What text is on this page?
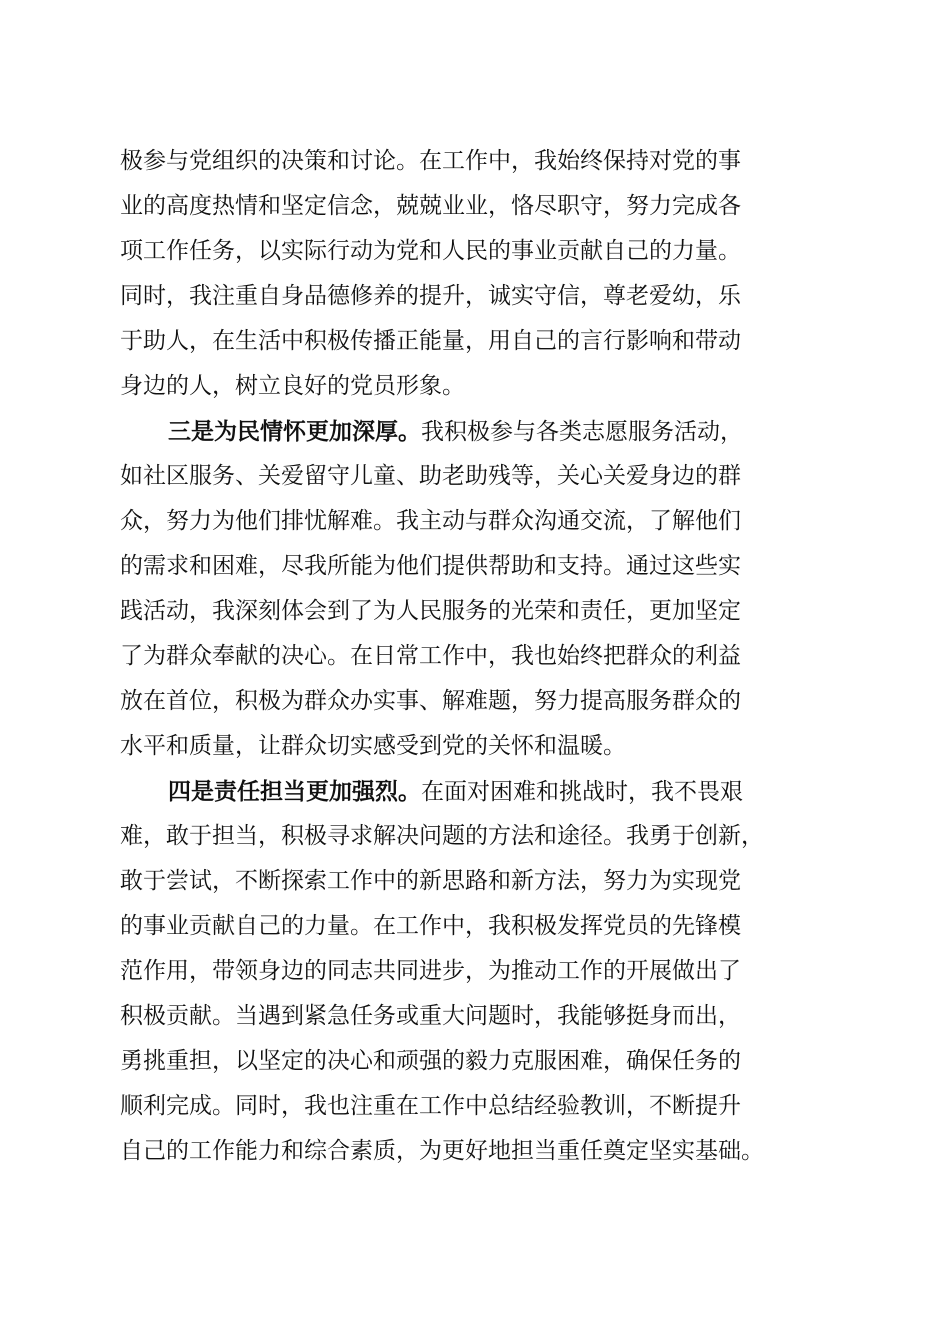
极参与党组织的决策和讨论。在工作中，我始终保持对党的事
业的高度热情和坚定信念，兢兢业业，恪尽职守，努力完成各
项工作任务，以实际行动为党和人民的事业贡献自己的力量。
同时，我注重自身品德修养的提升，诚实守信，尊老爱幼，乐
于助人，在生活中积极传播正能量，用自己的言行影响和带动
身边的人，树立良好的党员形象。
三是为民情怀更加深厚。我积极参与各类志愿服务活动，
如社区服务、关爱留守儿童、助老助残等，关心关爱身边的群
众，努力为他们排忧解难。我主动与群众沟通交流，了解他们
的需求和困难，尽我所能为他们提供帮助和支持。通过这些实
践活动，我深刻体会到了为人民服务的光荣和责任，更加坚定
了为群众奉献的决心。在日常工作中，我也始终把群众的利益
放在首位，积极为群众办实事、解难题，努力提高服务群众的
水平和质量，让群众切实感受到党的关怀和温暖。
四是责任担当更加强烈。在面对困难和挑战时，我不畏艰
难，敢于担当，积极寻求解决问题的方法和途径。我勇于创新，
敢于尝试，不断探索工作中的新思路和新方法，努力为实现党
的事业贡献自己的力量。在工作中，我积极发挥党员的先锋模
范作用，带领身边的同志共同进步，为推动工作的开展做出了
积极贡献。当遇到紧急任务或重大问题时，我能够挺身而出，
勇挑重担，以坚定的决心和顽强的毅力克服困难，确保任务的
顺利完成。同时，我也注重在工作中总结经验教训，不断提升
自己的工作能力和综合素质，为更好地担当重任奠定坚实基础。
